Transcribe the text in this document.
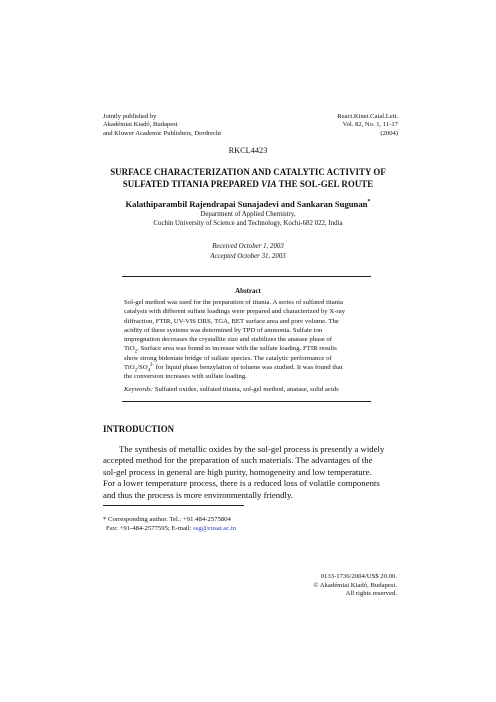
Jointly published by
Akadémiai Kiadó, Budapest
and Kluwer Academic Publishers, Dordrecht
React.Kinet.Catal.Lett.
Vol. 82, No. 1, 11-17
(2004)
RKCL4423
SURFACE CHARACTERIZATION AND CATALYTIC ACTIVITY OF
SULFATED TITANIA PREPARED VIA THE SOL-GEL ROUTE
Kalathiparambil Rajendrapai Sunajadevi and Sankaran Sugunan*
Department of Applied Chemistry,
Cochin University of Science and Technology, Kochi-682 022, India
Received October 1, 2003
Accepted October 31, 2003
Abstract
Sol-gel method was used for the preparation of titania. A series of sulfated titania
catalysts with different sulfate loadings were prepared and characterized by X-ray
diffraction, FTIR, UV-VIS DRS, TGA, BET surface area and pore volume. The
acidity of these systems was determined by TPD of ammonia. Sulfate ion
impregnation decreases the crystallite size and stabilizes the anatase phase of
TiO$_2$. Surface area was found to increase with the sulfate loading. FTIR results
show strong bidentate bridge of sulfate species. The catalytic performance of
$TiO_2/SO_4^{2-}$ for liquid phase benzylation of toluene was studied. It was found that
the conversion increases with sulfate loading.
Keywords: Sulfated oxides, sulfated titania, sol-gel method, anatase, solid acids
INTRODUCTION
The synthesis of metallic oxides by the sol-gel process is presently a widely
accepted method for the preparation of such materials. The advantages of the
sol-gel process in general are high purity, homogeneity and low temperature.
For a lower temperature process, there is a reduced loss of volatile components
and thus the process is more environmentally friendly.
* Corresponding author. Tel.: +91 484-2575804
Fax: +91-484-2577595; E-mail: ssg@cusat.ac.in
0133-1736/2004/US$ 20.00.
© Akadémiai Kiadó, Budapest.
All rights reserved.
